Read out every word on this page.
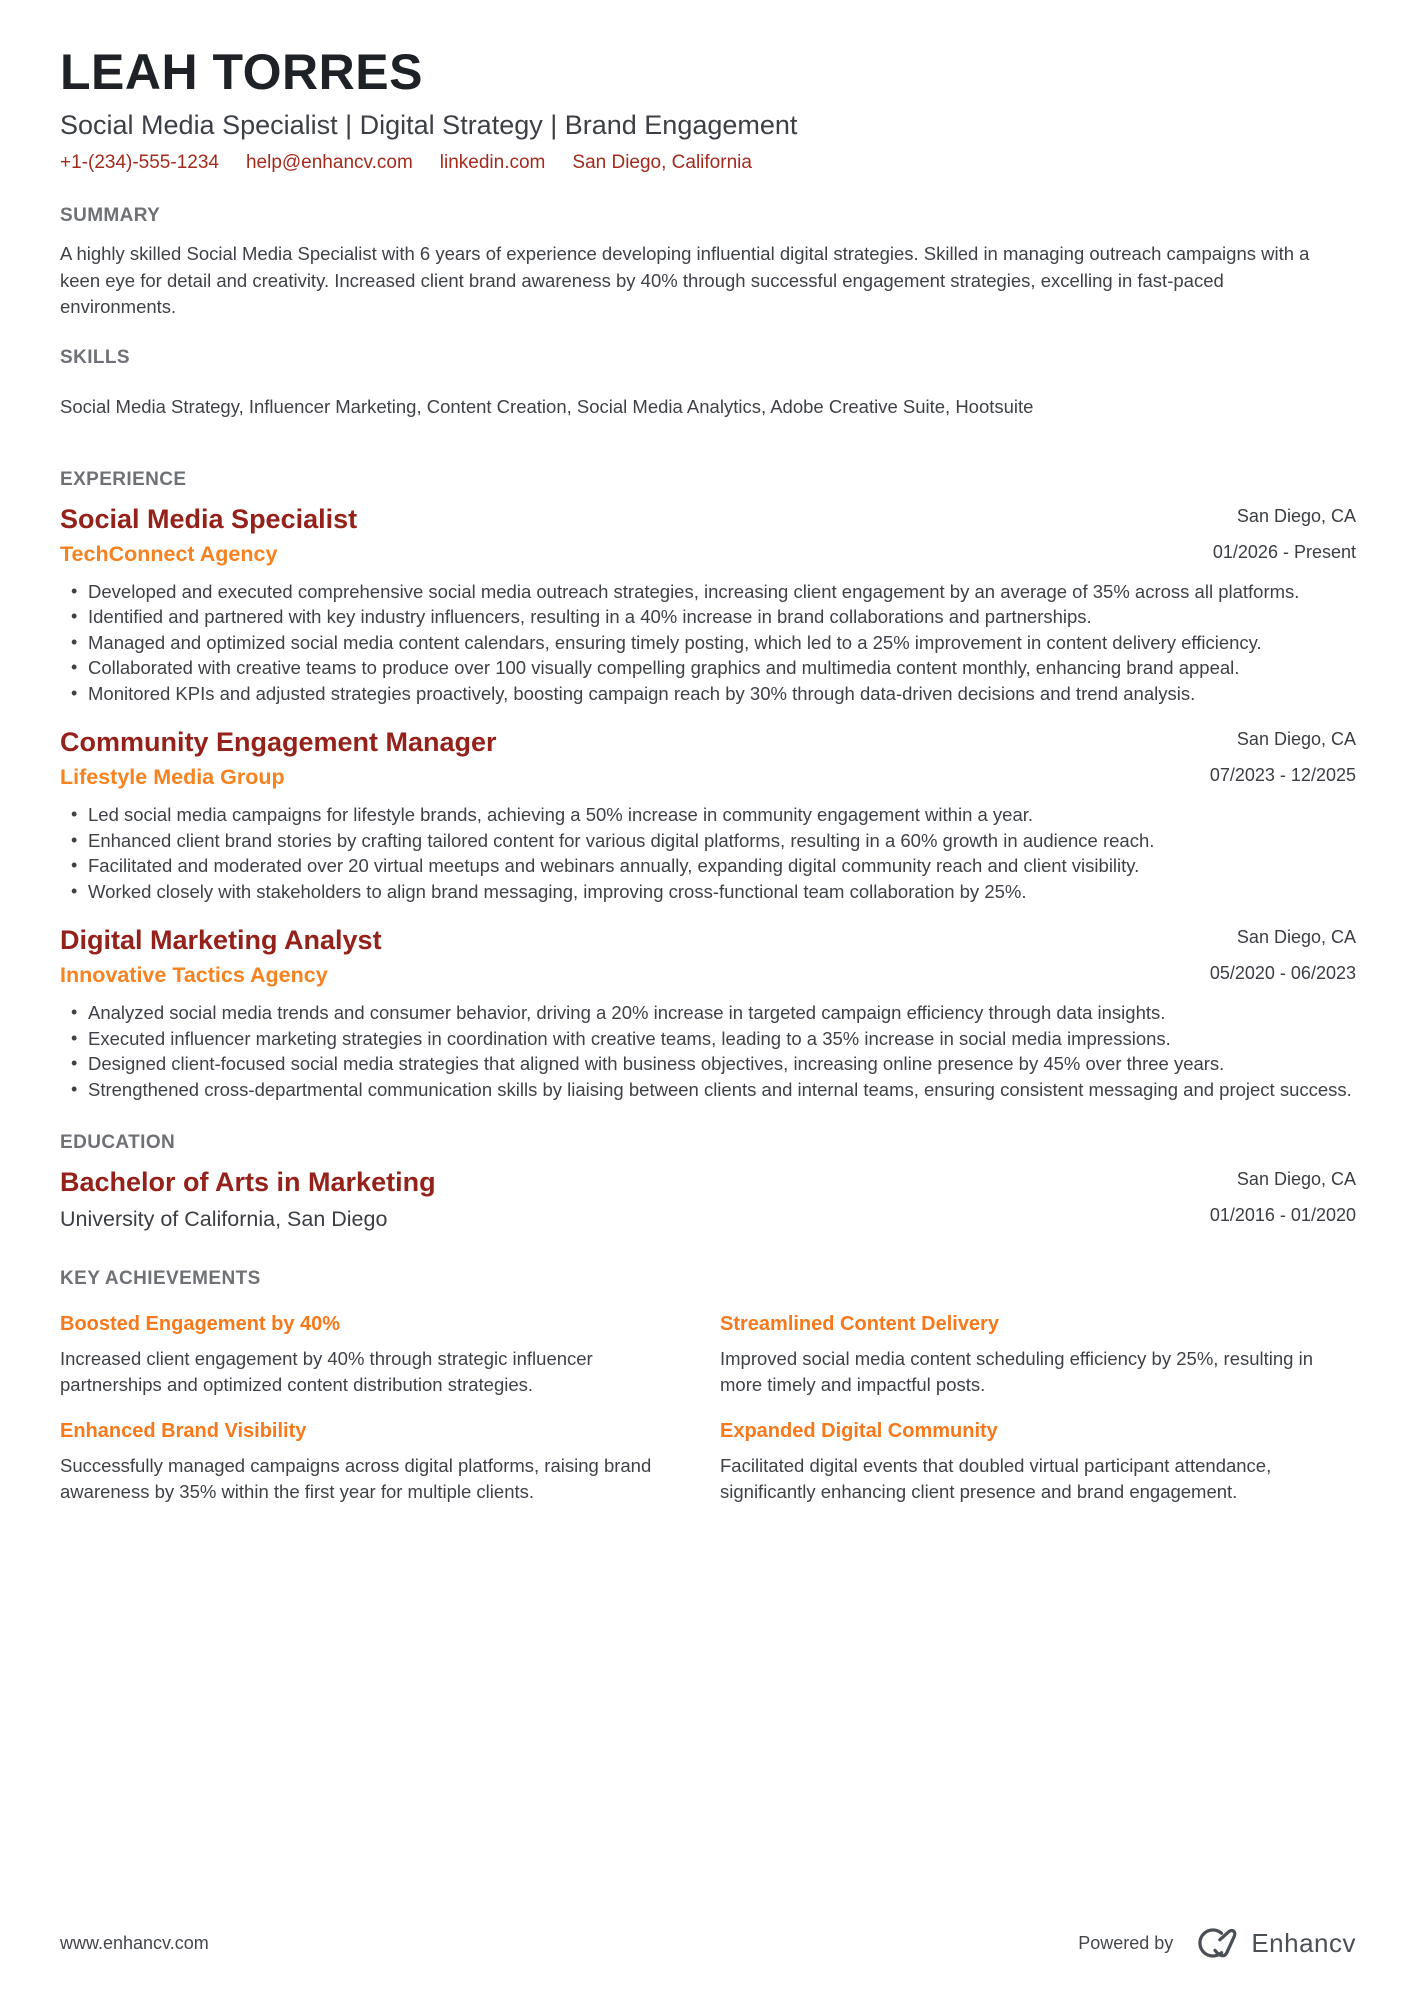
LEAH TORRES
Social Media Specialist | Digital Strategy | Brand Engagement
+1-(234)-555-1234 help@enhancv.com linkedin.com San Diego, California
SUMMARY

A highly skilled Social Media Specialist with 6 years of experience developing influential digital strategies. Skilled in managing outreach campaigns with a keen eye for detail and creativity. Increased client brand awareness by 40% through successful engagement strategies, excelling in fast-paced environments.

SKILLS
Social Media Strategy, Influencer Marketing, Content Creation, Social Media Analytics, Adobe Creative Suite, Hootsuite
EXPERIENCE
Social Media Specialist
TechConnect Agency
San Diego, CA
01/2026 - Present
• Developed and executed comprehensive social media outreach strategies, increasing client engagement by an average of 35% across all platforms.
• Identified and partnered with key industry influencers, resulting in a 40% increase in brand collaborations and partnerships.
• Managed and optimized social media content calendars, ensuring timely posting, which led to a 25% improvement in content delivery efficiency.
• Collaborated with creative teams to produce over 100 visually compelling graphics and multimedia content monthly, enhancing brand appeal.
• Monitored KPIs and adjusted strategies proactively, boosting campaign reach by 30% through data-driven decisions and trend analysis.
Community Engagement Manager
Lifestyle Media Group
San Diego, CA
07/2023 - 12/2025
• Led social media campaigns for lifestyle brands, achieving a 50% increase in community engagement within a year.
• Enhanced client brand stories by crafting tailored content for various digital platforms, resulting in a 60% growth in audience reach.
• Facilitated and moderated over 20 virtual meetups and webinars annually, expanding digital community reach and client visibility.
• Worked closely with stakeholders to align brand messaging, improving cross-functional team collaboration by 25%.
Digital Marketing Analyst
Innovative Tactics Agency
San Diego, CA
05/2020 - 06/2023
• Analyzed social media trends and consumer behavior, driving a 20% increase in targeted campaign efficiency through data insights.
• Executed influencer marketing strategies in coordination with creative teams, leading to a 35% increase in social media impressions.
• Designed client-focused social media strategies that aligned with business objectives, increasing online presence by 45% over three years.
• Strengthened cross-departmental communication skills by liaising between clients and internal teams, ensuring consistent messaging and project success.
EDUCATION
Bachelor of Arts in Marketing
University of California, San Diego
San Diego, CA
01/2016 - 01/2020
KEY ACHIEVEMENTS
Boosted Engagement by 40%
Increased client engagement by 40% through strategic influencer partnerships and optimized content distribution strategies.
Streamlined Content Delivery
Improved social media content scheduling efficiency by 25%, resulting in more timely and impactful posts.
Enhanced Brand Visibility
Successfully managed campaigns across digital platforms, raising brand awareness by 35% within the first year for multiple clients.
Expanded Digital Community
Facilitated digital events that doubled virtual participant attendance, significantly enhancing client presence and brand engagement.
www.enhancv.com	Powered by	Enhancv
